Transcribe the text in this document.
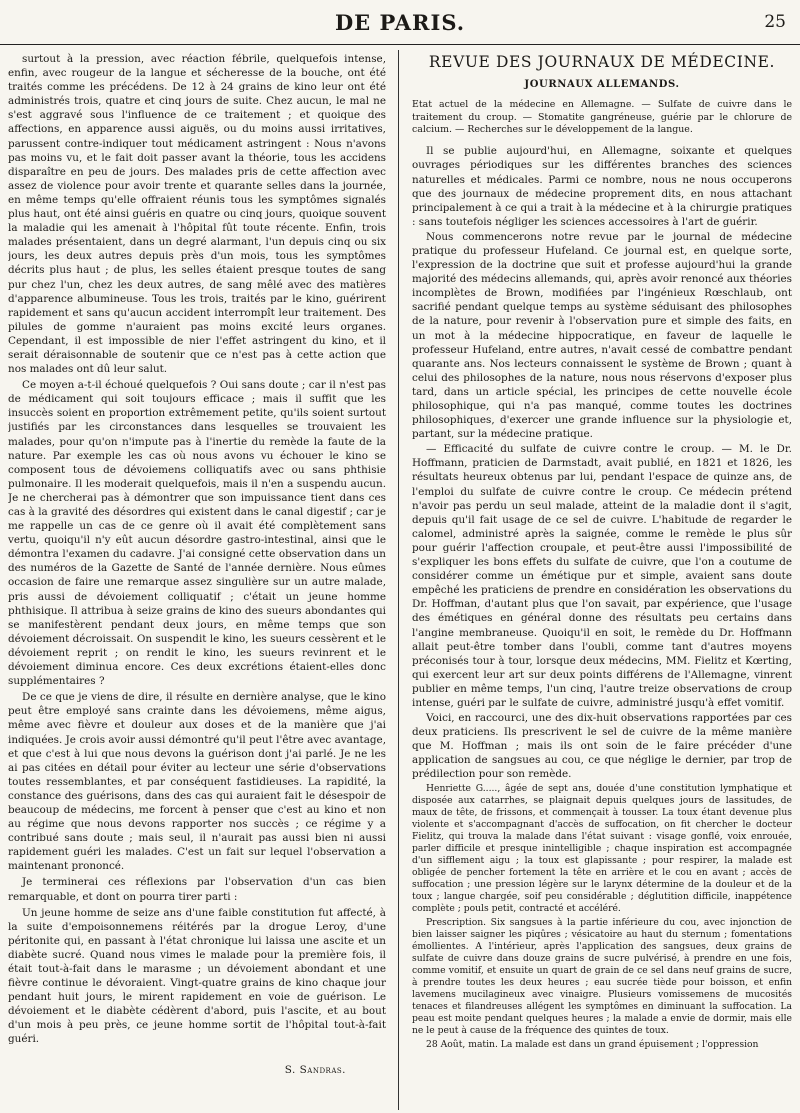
DE PARIS.	25

surtout à la pression, avec réaction fébrile, quelquefois intense, enfin, avec rougeur de la langue et sécheresse de la bouche, ont été traités comme les précédens. De 12 à 24 grains de kino leur ont été administrés trois, quatre et cinq jours de suite. Chez aucun, le mal ne s'est aggravé sous l'influence de ce traitement ; et quoique des affections, en apparence aussi aiguës, ou du moins aussi irritatives, parussent contre-indiquer tout médicament astringent : Nous n'avons pas moins vu, et le fait doit passer avant la théorie, tous les accidens disparaître en peu de jours. Des malades pris de cette affection avec assez de violence pour avoir trente et quarante selles dans la journée, en même temps qu'elle offraient réunis tous les symptômes signalés plus haut, ont été ainsi guéris en quatre ou cinq jours, quoique souvent la maladie qui les amenait à l'hôpital fût toute récente. Enfin, trois malades présentaient, dans un degré alarmant, l'un depuis cinq ou six jours, les deux autres depuis près d'un mois, tous les symptômes décrits plus haut ; de plus, les selles étaient presque toutes de sang pur chez l'un, chez les deux autres, de sang mêlé avec des matières d'apparence albumineuse. Tous les trois, traités par le kino, guérirent rapidement et sans qu'aucun accident interrompît leur traitement. Des pilules de gomme n'auraient pas moins excité leurs organes. Cependant, il est impossible de nier l'effet astringent du kino, et il serait déraisonnable de soutenir que ce n'est pas à cette action que nos malades ont dû leur salut.

Ce moyen a-t-il échoué quelquefois ? Oui sans doute ; car il n'est pas de médicament qui soit toujours efficace ; mais il suffit que les insuccès soient en proportion extrêmement petite, qu'ils soient surtout justifiés par les circonstances dans lesquelles se trouvaient les malades, pour qu'on n'impute pas à l'inertie du remède la faute de la nature. Par exemple les cas où nous avons vu échouer le kino se composent tous de dévoiemens colliquatifs avec ou sans phthisie pulmonaire. Il les moderait quelquefois, mais il n'en a suspendu aucun. Je ne chercherai pas à démontrer que son impuissance tient dans ces cas à la gravité des désordres qui existent dans le canal digestif ; car je me rappelle un cas de ce genre où il avait été complètement sans vertu, quoiqu'il n'y eût aucun désordre gastro-intestinal, ainsi que le démontra l'examen du cadavre. J'ai consigné cette observation dans un des numéros de la Gazette de Santé de l'année dernière. Nous eûmes occasion de faire une remarque assez singulière sur un autre malade, pris aussi de dévoiement colliquatif ; c'était un jeune homme phthisique. Il attribua à seize grains de kino des sueurs abondantes qui se manifestèrent pendant deux jours, en même temps que son dévoiement décroissait. On suspendit le kino, les sueurs cessèrent et le dévoiement reprit ; on rendit le kino, les sueurs revinrent et le dévoiement diminua encore. Ces deux excrétions étaient-elles donc supplémentaires ?

De ce que je viens de dire, il résulte en dernière analyse, que le kino peut être employé sans crainte dans les dévoiemens, même aigus, même avec fièvre et douleur aux doses et de la manière que j'ai indiquées. Je crois avoir aussi démontré qu'il peut l'être avec avantage, et que c'est à lui que nous devons la guérison dont j'ai parlé. Je ne les ai pas citées en détail pour éviter au lecteur une série d'observations toutes ressemblantes, et par conséquent fastidieuses. La rapidité, la constance des guérisons, dans des cas qui auraient fait le désespoir de beaucoup de médecins, me forcent à penser que c'est au kino et non au régime que nous devons rapporter nos succès ; ce régime y a contribué sans doute ; mais seul, il n'aurait pas aussi bien ni aussi rapidement guéri les malades. C'est un fait sur lequel l'observation a maintenant prononcé.

Je terminerai ces réflexions par l'observation d'un cas bien remarquable, et dont on pourra tirer parti :

Un jeune homme de seize ans d'une faible constitution fut affecté, à la suite d'empoisonnemens réitérés par la drogue Leroy, d'une péritonite qui, en passant à l'état chronique lui laissa une ascite et un diabète sucré. Quand nous vimes le malade pour la première fois, il était tout-à-fait dans le marasme ; un dévoiement abondant et une fièvre continue le dévoraient. Vingt-quatre grains de kino chaque jour pendant huit jours, le mirent rapidement en voie de guérison. Le dévoiement et le diabète cédèrent d'abord, puis l'ascite, et au bout d'un mois à peu près, ce jeune homme sortit de l'hôpital tout-à-fait guéri.

S. Sandras.
REVUE DES JOURNAUX DE MÉDECINE.
JOURNAUX ALLEMANDS.

Etat actuel de la médecine en Allemagne. — Sulfate de cuivre dans le traitement du croup. — Stomatite gangréneuse, guérie par le chlorure de calcium. — Recherches sur le développement de la langue.

Il se publie aujourd'hui, en Allemagne, soixante et quelques ouvrages périodiques sur les différentes branches des sciences naturelles et médicales. Parmi ce nombre, nous ne nous occuperons que des journaux de médecine proprement dits, en nous attachant principalement à ce qui a trait à la médecine et à la chirurgie pratiques : sans toutefois négliger les sciences accessoires à l'art de guérir.

Nous commencerons notre revue par le journal de médecine pratique du professeur Hufeland. Ce journal est, en quelque sorte, l'expression de la doctrine que suit et professe aujourd'hui la grande majorité des médecins allemands, qui, après avoir renoncé aux théories incomplètes de Brown, modifiées par l'ingénieux Rœschlaub, ont sacrifié pendant quelque temps au système séduisant des philosophes de la nature, pour revenir à l'observation pure et simple des faits, en un mot à la médecine hippocratique, en faveur de laquelle le professeur Hufeland, entre autres, n'avait cessé de combattre pendant quarante ans. Nos lecteurs connaissent le système de Brown ; quant à celui des philosophes de la nature, nous nous réservons d'exposer plus tard, dans un article spécial, les principes de cette nouvelle école philosophique, qui n'a pas manqué, comme toutes les doctrines philosophiques, d'exercer une grande influence sur la physiologie et, partant, sur la médecine pratique.

— Efficacité du sulfate de cuivre contre le croup. — M. le Dr. Hoffmann, praticien de Darmstadt, avait publié, en 1821 et 1826, les résultats heureux obtenus par lui, pendant l'espace de quinze ans, de l'emploi du sulfate de cuivre contre le croup. Ce médecin prétend n'avoir pas perdu un seul malade, atteint de la maladie dont il s'agit, depuis qu'il fait usage de ce sel de cuivre. L'habitude de regarder le calomel, administré après la saignée, comme le remède le plus sûr pour guérir l'affection croupale, et peut-être aussi l'impossibilité de s'expliquer les bons effets du sulfate de cuivre, que l'on a coutume de considérer comme un émétique pur et simple, avaient sans doute empêché les praticiens de prendre en considération les observations du Dr. Hoffman, d'autant plus que l'on savait, par expérience, que l'usage des émétiques en général donne des résultats peu certains dans l'angine membraneuse. Quoiqu'il en soit, le remède du Dr. Hoffmann allait peut-être tomber dans l'oubli, comme tant d'autres moyens préconisés tour à tour, lorsque deux médecins, MM. Fielitz et Kœrting, qui exercent leur art sur deux points différens de l'Allemagne, vinrent publier en même temps, l'un cinq, l'autre treize observations de croup intense, guéri par le sulfate de cuivre, administré jusqu'à effet vomitif.

Voici, en raccourci, une des dix-huit observations rapportées par ces deux praticiens. Ils prescrivent le sel de cuivre de la même manière que M. Hoffman ; mais ils ont soin de le faire précéder d'une application de sangsues au cou, ce que néglige le dernier, par trop de prédilection pour son remède.

Henriette G....., âgée de sept ans, douée d'une constitution lymphatique et disposée aux catarrhes, se plaignait depuis quelques jours de lassitudes, de maux de tête, de frissons, et commençait à tousser. La toux étant devenue plus violente et s'accompagnant d'accès de suffocation, on fit chercher le docteur Fielitz, qui trouva la malade dans l'état suivant : visage gonflé, voix enrouée, parler difficile et presque inintelligible ; chaque inspiration est accompagnée d'un sifflement aigu ; la toux est glapissante ; pour respirer, la malade est obligée de pencher fortement la tête en arrière et le cou en avant ; accès de suffocation ; une pression légère sur le larynx détermine de la douleur et de la toux ; langue chargée, soif peu considérable ; déglutition difficile, inappétence complète ; pouls petit, contracté et accéléré.

Prescription. Six sangsues à la partie inférieure du cou, avec injonction de bien laisser saigner les piqûres ; vésicatoire au haut du sternum ; fomentations émollientes. A l'intérieur, après l'application des sangsues, deux grains de sulfate de cuivre dans douze grains de sucre pulvérisé, à prendre en une fois, comme vomitif, et ensuite un quart de grain de ce sel dans neuf grains de sucre, à prendre toutes les deux heures ; eau sucrée tiède pour boisson, et enfin lavemens mucilagineux avec vinaigre. Plusieurs vomissemens de mucosités tenaces et filandreuses allégent les symptômes en diminuant la suffocation. La peau est moite pendant quelques heures ; la malade a envie de dormir, mais elle ne le peut à cause de la fréquence des quintes de toux.

28 Août, matin. La malade est dans un grand épuisement ; l'oppression
